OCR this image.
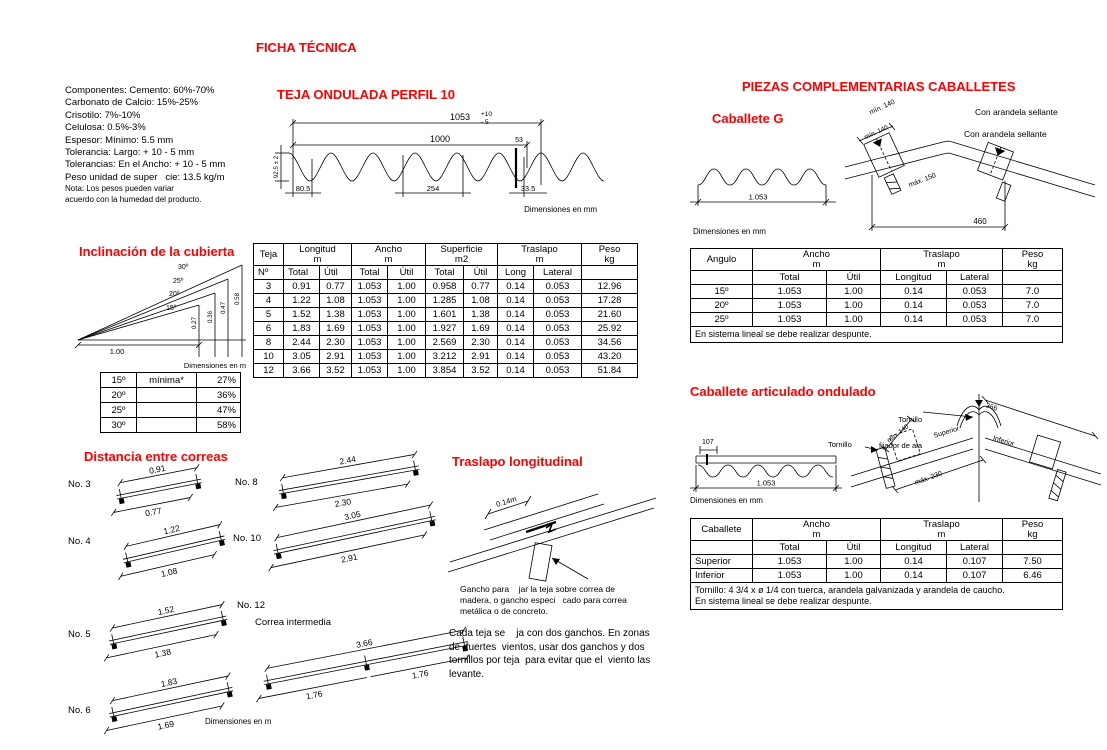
FICHA TÉCNICA
TEJA ONDULADA PERFIL 10
PIEZAS COMPLEMENTARIAS CABALLETES
Caballete G
Inclinación de la cubierta
Distancia entre correas	Traslapo longitudinal
Caballete articulado ondulado
Componentes: Cemento: 60%-70%
Carbonato de Calcio: 15%-25%
Crisotilo: 7%-10%
Celulosa: 0.5%-3%
Espesor: Mínimo: 5.5 mm
Tolerancia: Largo: + 10 - 5 mm
Tolerancias: En el Ancho: + 10 - 5 mm
Peso unidad de super   cie: 13.5 kg/m
Nota: Los pesos pueden variar
acuerdo con la humedad del producto.
1053 +10
- 5
1000	53
92.5 ± 2
80.5	254	33.5
Dimensiones en mm
30º
25º
20º
15º
0.27 0.36
0.47
0.58
1.00
Dimensiones en m
15º	mínima*	27%
20º		36%
25º		47%
30º		58%
Teja	Longitud
m

Ancho
m

Superficie
m2

Traslapo
m

Peso
kg

Nº	Total	Útil	Total	Útil	Total	Útil	Long	Lateral	
3	0.91	0.77	1.053	1.00	0.958	0.77	0.14	0.053	12.96
4	1.22	1.08	1.053	1.00	1.285	1.08	0.14	0.053	17.28
5	1.52	1.38	1.053	1.00	1.601	1.38	0.14	0.053	21.60
6	1.83	1.69	1.053	1.00	1.927	1.69	0.14	0.053	25.92
8	2.44	2.30	1.053	1.00	2.569	2.30	0.14	0.053	34.56
10	3.05	2.91	1.053	1.00	3.212	2.91	0.14	0.053	43.20
12	3.66	3.52	1.053	1.00	3.854	3.52	0.14	0.053	51.84
1.053
Dimensiones en mm
mín. 140
mín. 140
máx. 150
460
Con arandela sellante
Con arandela sellante
Angulo	Ancho
m

Traslapo
m

Peso
kg

	Total	Útil	Longitud	Lateral	
15º	1.053	1.00	0.14	0.053	7.0
20º	1.053	1.00	0.14	0.053	7.0
25º	1.053	1.00	0.14	0.053	7.0
En sistema lineal se debe realizar despunte.					
107
1.053
Dimensiones en mm
366
mín. 140	Superior
Inferior
máx. 230

Tornillo

fijador de ala

Tornillo
Caballete	Ancho
m

Traslapo
m

Peso
kg

	Total	Útil	Longitud	Lateral	
Superior	1.053	1.00	0.14	0.107	7.50
Inferior	1.053	1.00	0.14	0.107	6.46

Tornillo: 4 3/4 x ø 1/4 con tuerca, arandela galvanizada y arandela de caucho.
En sistema lineal se debe realizar despunte.					
No. 3
No. 4
No. 5
No. 6
No. 8
No. 10
No. 12
Correa intermedia
Dimensiones en m
0.91
0.77
1.22
1.08
1.52
1.38
1.83
1.69
2.44
2.30
3.05
2.91
3.66
1.76
1.76
0.14m
Gancho para    jar la teja sobre correa de
madera, o gancho especi   cado para correa
metálica o de concreto.
Cada teja se    ja con dos ganchos. En zonas
de  fuertes  vientos, usar dos ganchos y dos
tornillos por teja  para evitar que el  viento las
levante.
